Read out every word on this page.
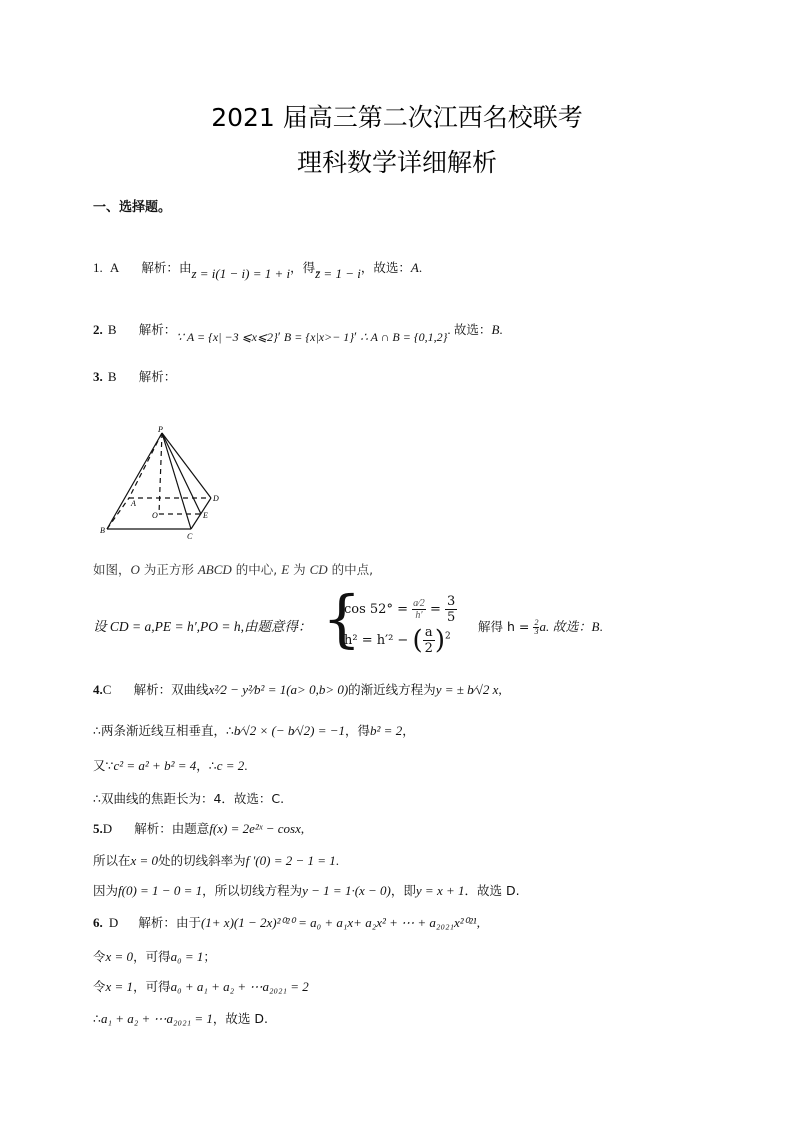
2021 届高三第二次江西名校联考
理科数学详细解析
一、选择题。
1. A 解析：由z = i(1 − i) = 1 + i，得z̄ = 1 − i，故选：A.
2. B 解析：∵ A = {x| −3 ⩽x⩽2}′ B = {x|x>− 1}′ ∴ A ∩ B = {0,1,2}. 故选：B.
3. B 解析：
P
A
B
C
D
E
O
如图，O 为正方形 ABCD 的中心, E 为 CD 的中点,
设 CD = a,PE = h′,PO = h,由题意得： {
$\cos 52^\circ = \frac{a⁄2}{h'} = \frac{3}{5}$
h² = h′² − ( $\frac{a}{2} )^2$
解得 $h = \frac{2}{3} a$. 故选：B.
4.C 解析：双曲线x²⁄2 − y²⁄b² = 1(a> 0,b> 0)的渐近线方程为y = ± b⁄√2 x,
∴两条渐近线互相垂直，∴b⁄√2 × (− b⁄√2) = −1，得b² = 2，
又∵c² = a² + b² = 4，∴c = 2.
∴双曲线的焦距长为：4．故选：C.
5.D 解析：由题意f(x) = 2e²ˣ − cosx,
所以在x = 0处的切线斜率为f ′(0) = 2 − 1 = 1.
因为f(0) = 1 − 0 = 1，所以切线方程为y − 1 = 1·(x − 0)，即y = x + 1．故选 D.
6. D 解析：由于(1+ x)(1 − 2x)²⁰²⁰ = a₀ + a₁x+ a₂x² + ⋯ + a₂₀₂₁x²⁰²¹,
令x = 0，可得a₀ = 1；
令x = 1，可得a₀ + a₁ + a₂ + ⋯a₂₀₂₁ = 2
∴a₁ + a₂ + ⋯a₂₀₂₁ = 1，故选 D.
